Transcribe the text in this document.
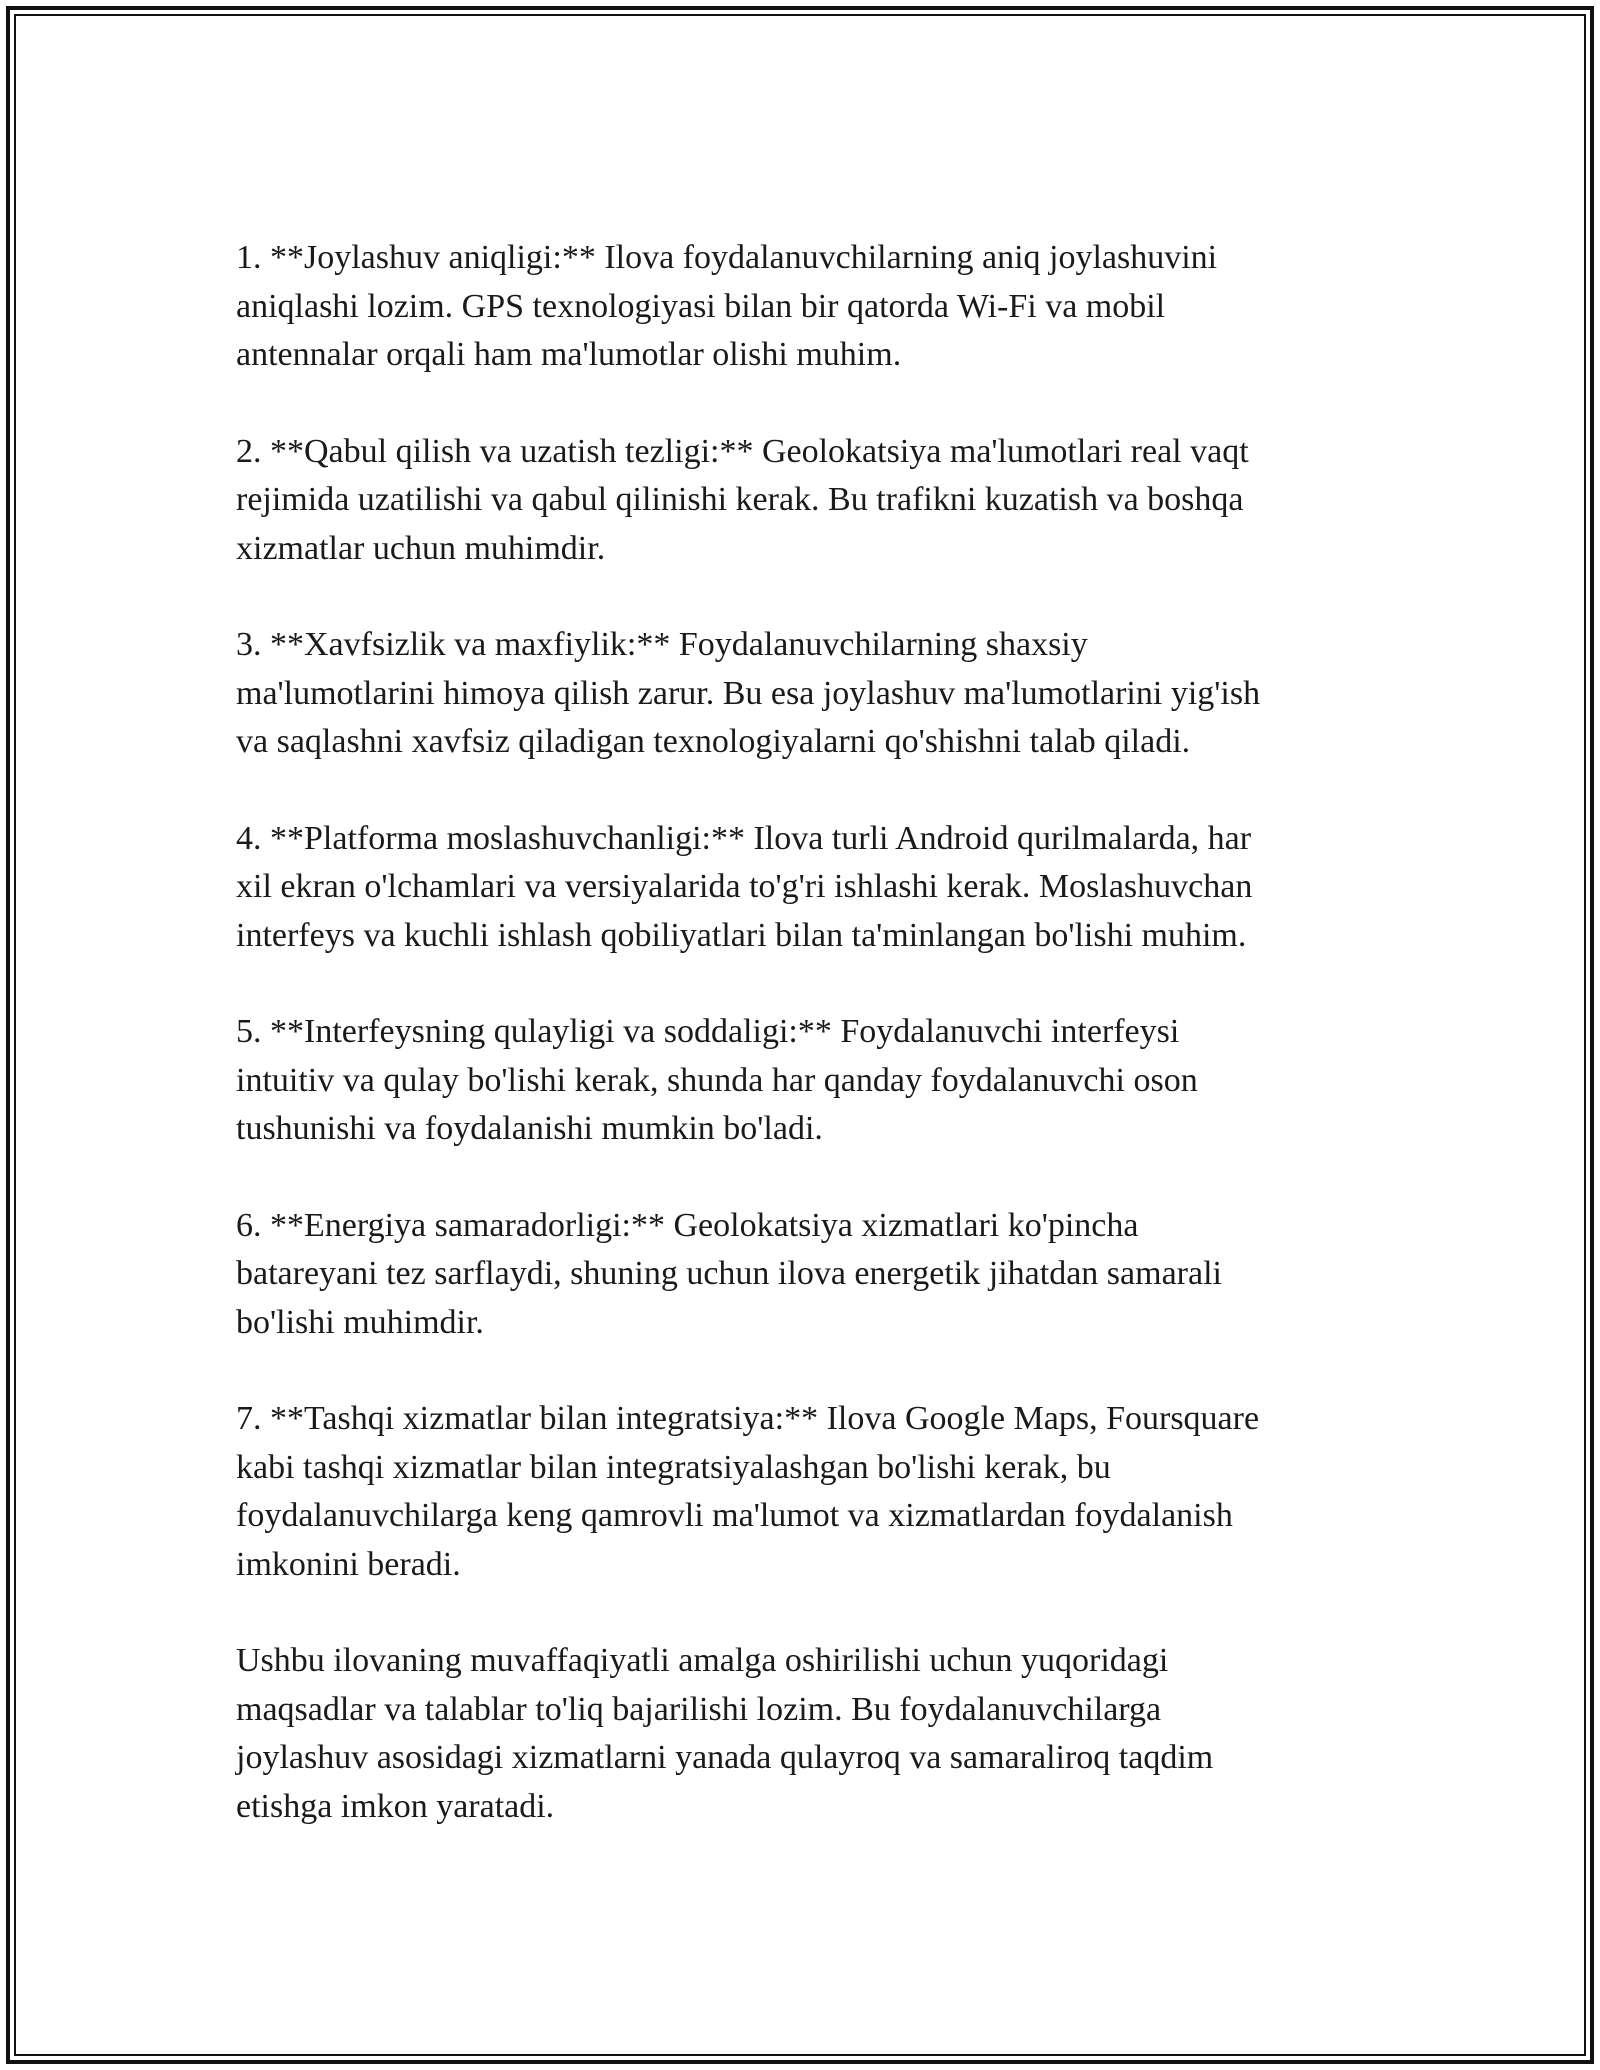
1. **Joylashuv aniqligi:** Ilova foydalanuvchilarning aniq joylashuvini
aniqlashi lozim. GPS texnologiyasi bilan bir qatorda Wi-Fi va mobil
antennalar orqali ham ma'lumotlar olishi muhim.

2. **Qabul qilish va uzatish tezligi:** Geolokatsiya ma'lumotlari real vaqt
rejimida uzatilishi va qabul qilinishi kerak. Bu trafikni kuzatish va boshqa
xizmatlar uchun muhimdir.

3. **Xavfsizlik va maxfiylik:** Foydalanuvchilarning shaxsiy
ma'lumotlarini himoya qilish zarur. Bu esa joylashuv ma'lumotlarini yig'ish
va saqlashni xavfsiz qiladigan texnologiyalarni qo'shishni talab qiladi.

4. **Platforma moslashuvchanligi:** Ilova turli Android qurilmalarda, har
xil ekran o'lchamlari va versiyalarida to'g'ri ishlashi kerak. Moslashuvchan
interfeys va kuchli ishlash qobiliyatlari bilan ta'minlangan bo'lishi muhim.

5. **Interfeysning qulayligi va soddaligi:** Foydalanuvchi interfeysi
intuitiv va qulay bo'lishi kerak, shunda har qanday foydalanuvchi oson
tushunishi va foydalanishi mumkin bo'ladi.

6. **Energiya samaradorligi:** Geolokatsiya xizmatlari ko'pincha
batareyani tez sarflaydi, shuning uchun ilova energetik jihatdan samarali
bo'lishi muhimdir.

7. **Tashqi xizmatlar bilan integratsiya:** Ilova Google Maps, Foursquare
kabi tashqi xizmatlar bilan integratsiyalashgan bo'lishi kerak, bu
foydalanuvchilarga keng qamrovli ma'lumot va xizmatlardan foydalanish
imkonini beradi.

Ushbu ilovaning muvaffaqiyatli amalga oshirilishi uchun yuqoridagi
maqsadlar va talablar to'liq bajarilishi lozim. Bu foydalanuvchilarga
joylashuv asosidagi xizmatlarni yanada qulayroq va samaraliroq taqdim
etishga imkon yaratadi.
